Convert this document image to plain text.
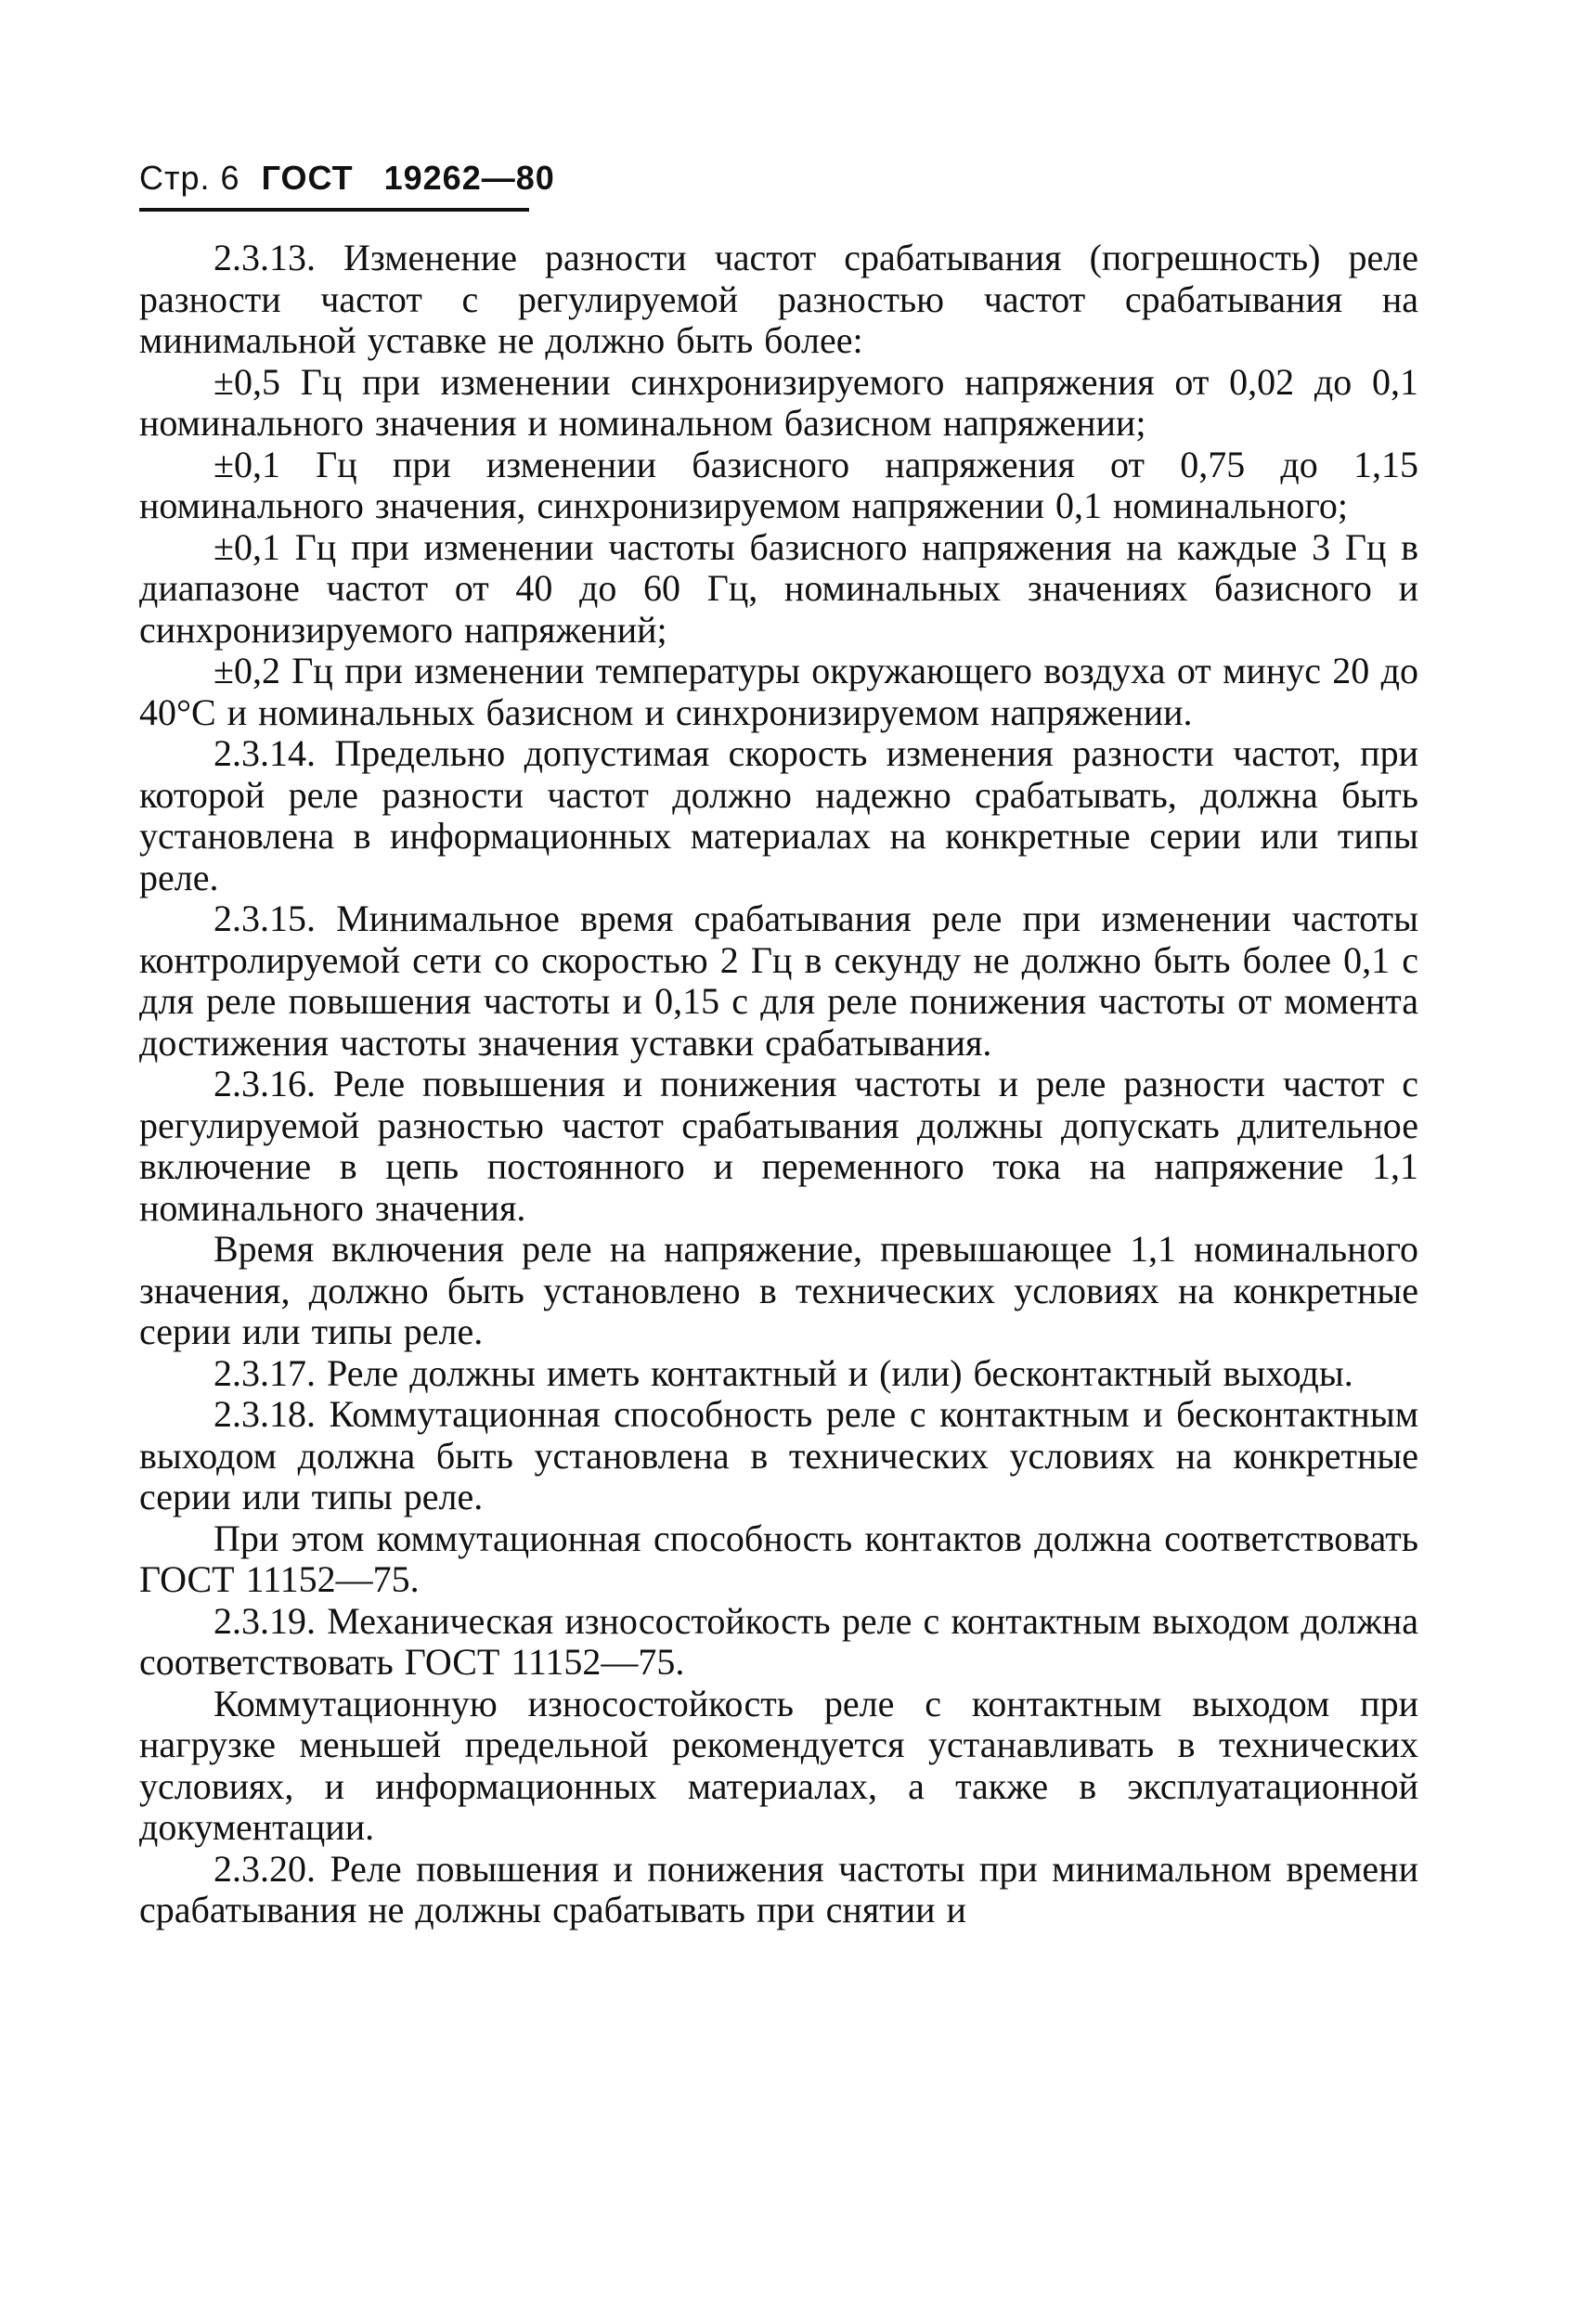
Стр. 6 ГОСТ 19262—80

2.3.13. Изменение разности частот срабатывания (погрешность) реле разности частот с регулируемой разностью частот срабатывания на минимальной уставке не должно быть более:

±0,5 Гц при изменении синхронизируемого напряжения от 0,02 до 0,1 номинального значения и номинальном базисном напряжении;

±0,1 Гц при изменении базисного напряжения от 0,75 до 1,15 номинального значения, синхронизируемом напряжении 0,1 номинального;

±0,1 Гц при изменении частоты базисного напряжения на каждые 3 Гц в диапазоне частот от 40 до 60 Гц, номинальных значениях базисного и синхронизируемого напряжений;

±0,2 Гц при изменении температуры окружающего воздуха от минус 20 до 40°С и номинальных базисном и синхронизируемом напряжении.

2.3.14. Предельно допустимая скорость изменения разности частот, при которой реле разности частот должно надежно срабатывать, должна быть установлена в информационных материалах на конкретные серии или типы реле.

2.3.15. Минимальное время срабатывания реле при изменении частоты контролируемой сети со скоростью 2 Гц в секунду не должно быть более 0,1 с для реле повышения частоты и 0,15 с для реле понижения частоты от момента достижения частоты значения уставки срабатывания.

2.3.16. Реле повышения и понижения частоты и реле разности частот с регулируемой разностью частот срабатывания должны допускать длительное включение в цепь постоянного и переменного тока на напряжение 1,1 номинального значения.

Время включения реле на напряжение, превышающее 1,1 номинального значения, должно быть установлено в технических условиях на конкретные серии или типы реле.

2.3.17. Реле должны иметь контактный и (или) бесконтактный выходы.

2.3.18. Коммутационная способность реле с контактным и бесконтактным выходом должна быть установлена в технических условиях на конкретные серии или типы реле.

При этом коммутационная способность контактов должна соответствовать ГОСТ 11152—75.

2.3.19. Механическая износостойкость реле с контактным выходом должна соответствовать ГОСТ 11152—75.

Коммутационную износостойкость реле с контактным выходом при нагрузке меньшей предельной рекомендуется устанавливать в технических условиях, и информационных материалах, а также в эксплуатационной документации.

2.3.20. Реле повышения и понижения частоты при минимальном времени срабатывания не должны срабатывать при снятии и
